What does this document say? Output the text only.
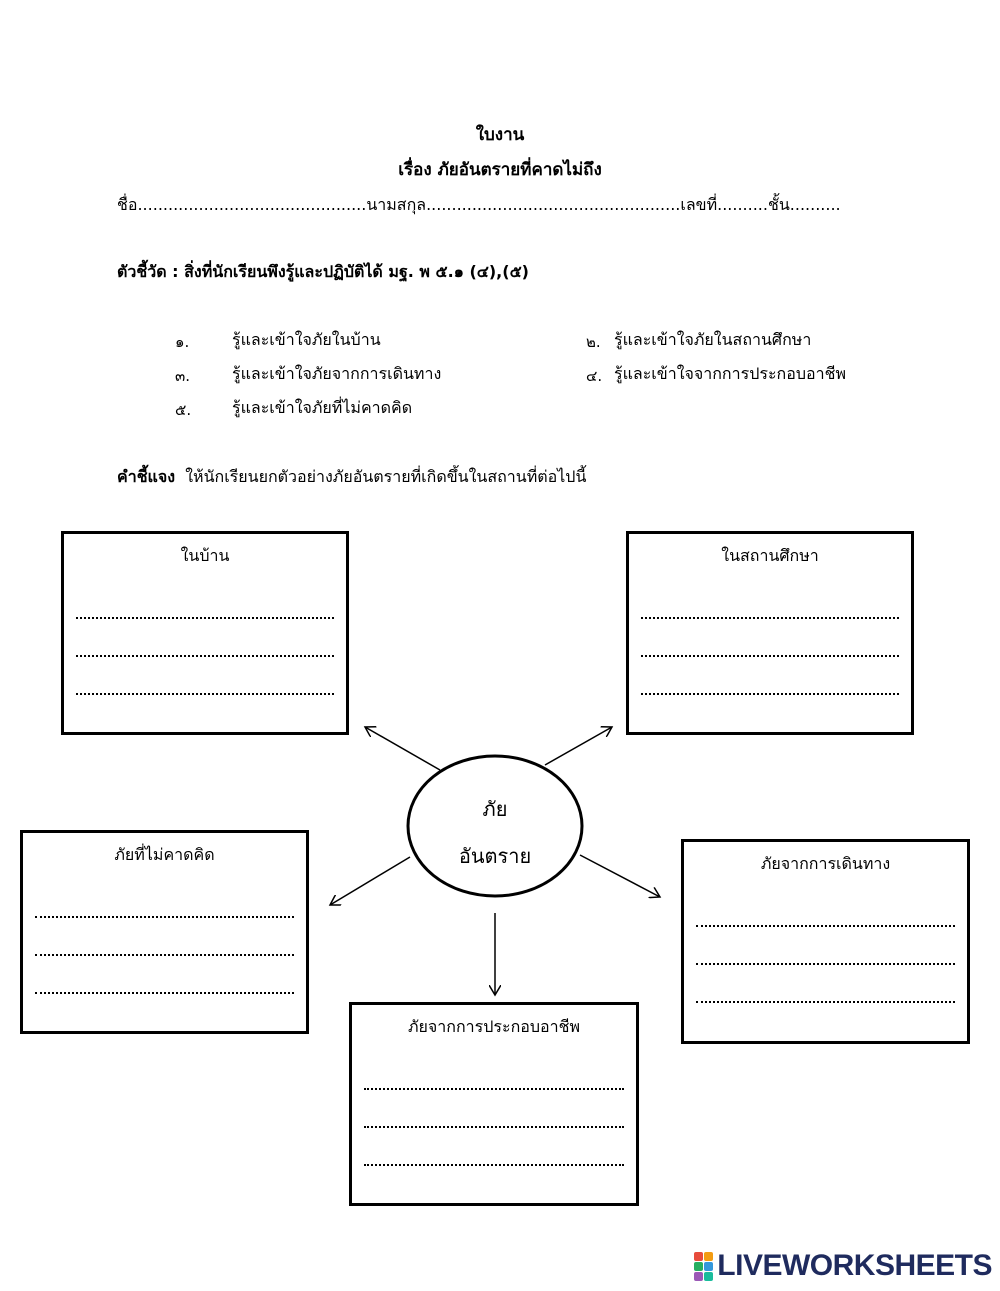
ใบงาน
เรื่อง ภัยอันตรายที่คาดไม่ถึง
ชื่อ.............................................นามสกุล..................................................เลขที่..........ชั้น..........
ตัวชี้วัด : สิ่งที่นักเรียนพึงรู้และปฏิบัติได้ มฐ. พ ๕.๑ (๔),(๕)
๑.	รู้และเข้าใจภัยในบ้าน	๒. รู้และเข้าใจภัยในสถานศึกษา
๓.	รู้และเข้าใจภัยจากการเดินทาง	๔. รู้และเข้าใจจากการประกอบอาชีพ
๕.	รู้และเข้าใจภัยที่ไม่คาดคิด
คำชี้แจง ให้นักเรียนยกตัวอย่างภัยอันตรายที่เกิดขึ้นในสถานที่ต่อไปนี้
ภัย
อันตราย
ในบ้าน	ในสถานศึกษา
ภัยที่ไม่คาดคิด	ภัยจากการเดินทาง
ภัยจากการประกอบอาชีพ
LIVEWORKSHEETS
